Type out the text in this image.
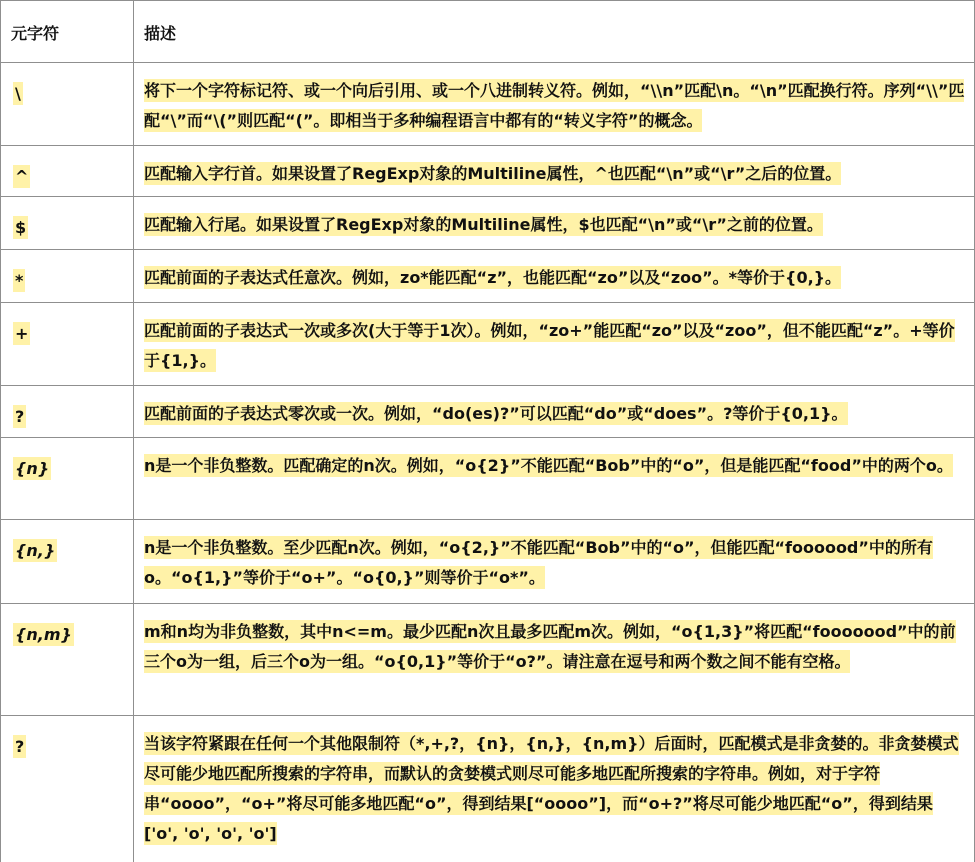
元字符	描述
\	将下一个字符标记符、或一个向后引用、或一个八进制转义符。例如，“\\n”匹配\n。“\n”匹配换行符。序列“\\”匹配“\”而“\(”则匹配“(”。即相当于多种编程语言中都有的“转义字符”的概念。
^	匹配输入字行首。如果设置了RegExp对象的Multiline属性，^也匹配“\n”或“\r”之后的位置。
$	匹配输入行尾。如果设置了RegExp对象的Multiline属性，$也匹配“\n”或“\r”之前的位置。
*	匹配前面的子表达式任意次。例如，zo*能匹配“z”，也能匹配“zo”以及“zoo”。*等价于{0,}。
+	匹配前面的子表达式一次或多次(大于等于1次）。例如，“zo+”能匹配“zo”以及“zoo”，但不能匹配“z”。+等价于{1,}。
?	匹配前面的子表达式零次或一次。例如，“do(es)?”可以匹配“do”或“does”。?等价于{0,1}。
{n}	n是一个非负整数。匹配确定的n次。例如，“o{2}”不能匹配“Bob”中的“o”，但是能匹配“food”中的两个o。
{n,}	n是一个非负整数。至少匹配n次。例如，“o{2,}”不能匹配“Bob”中的“o”，但能匹配“foooood”中的所有o。“o{1,}”等价于“o+”。“o{0,}”则等价于“o*”。
{n,m}	m和n均为非负整数，其中n<=m。最少匹配n次且最多匹配m次。例如，“o{1,3}”将匹配“fooooood”中的前三个o为一组，后三个o为一组。“o{0,1}”等价于“o?”。请注意在逗号和两个数之间不能有空格。
?	当该字符紧跟在任何一个其他限制符（*,+,?，{n}，{n,}，{n,m}）后面时，匹配模式是非贪婪的。非贪婪模式尽可能少地匹配所搜索的字符串，而默认的贪婪模式则尽可能多地匹配所搜索的字符串。例如，对于字符串“oooo”，“o+”将尽可能多地匹配“o”，得到结果[“oooo”]，而“o+?”将尽可能少地匹配“o”，得到结果 ['o', 'o', 'o', 'o']
